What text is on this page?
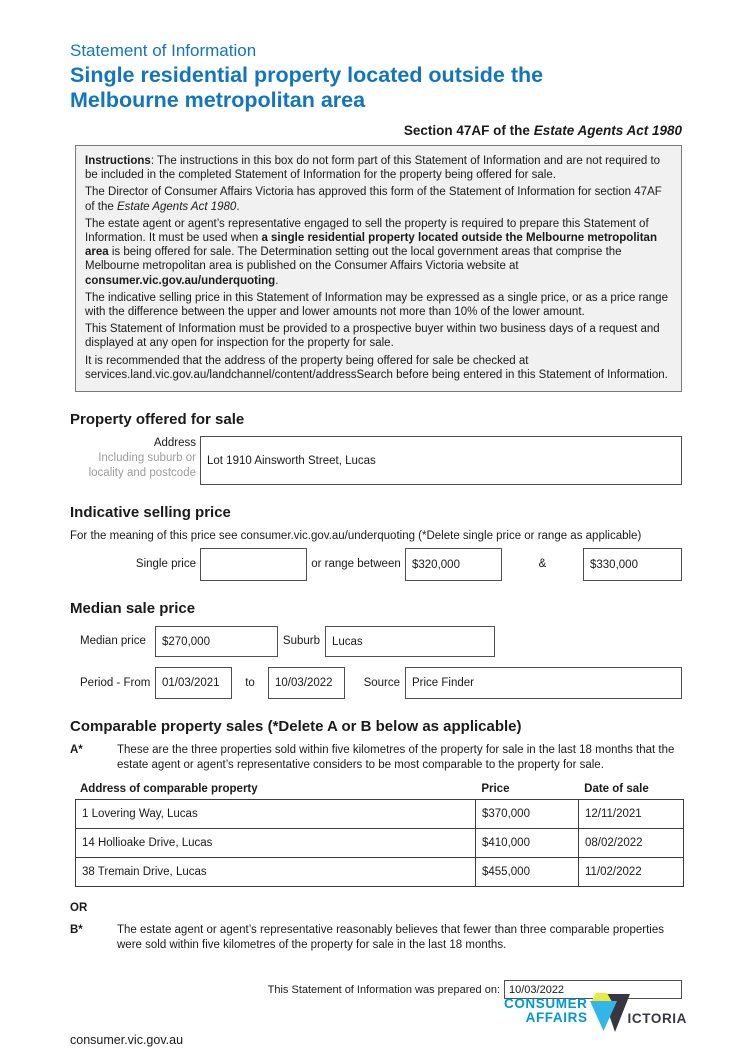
Statement of Information
Single residential property located outside the
Melbourne metropolitan area
Section 47AF of the Estate Agents Act 1980

Instructions: The instructions in this box do not form part of this Statement of Information and are not required to be included in the completed Statement of Information for the property being offered for sale.

The Director of Consumer Affairs Victoria has approved this form of the Statement of Information for section 47AF of the Estate Agents Act 1980.

The estate agent or agent’s representative engaged to sell the property is required to prepare this Statement of Information. It must be used when a single residential property located outside the Melbourne metropolitan area is being offered for sale. The Determination setting out the local government areas that comprise the Melbourne metropolitan area is published on the Consumer Affairs Victoria website at consumer.vic.gov.au/underquoting.

The indicative selling price in this Statement of Information may be expressed as a single price, or as a price range with the difference between the upper and lower amounts not more than 10% of the lower amount.

This Statement of Information must be provided to a prospective buyer within two business days of a request and displayed at any open for inspection for the property for sale.

It is recommended that the address of the property being offered for sale be checked at services.land.vic.gov.au/landchannel/content/addressSearch before being entered in this Statement of Information.

Property offered for sale
Address
Including suburb or
locality and postcode
Lot 1910 Ainsworth Street, Lucas
Indicative selling price
For the meaning of this price see consumer.vic.gov.au/underquoting (*Delete single price or range as applicable)
Single price	or range between $320,000	&	$330,000
Median sale price
Median price	$270,000	Suburb	Lucas
Period - From	01/03/2021	to	10/03/2022	Source	Price Finder
Comparable property sales (*Delete A or B below as applicable)
A*	These are the three properties sold within five kilometres of the property for sale in the last 18 months that the estate agent or agent’s representative considers to be most comparable to the property for sale.
Address of comparable property	Price	Date of sale
1 Lovering Way, Lucas	$370,000	12/11/2021
14 Hollioake Drive, Lucas	$410,000	08/02/2022
38 Tremain Drive, Lucas	$455,000	11/02/2022
OR
B*	The estate agent or agent’s representative reasonably believes that fewer than three comparable properties were sold within five kilometres of the property for sale in the last 18 months.
This Statement of Information was prepared on: 10/03/2022
CONSUMER
AFFAIRS	ICTORIA
consumer.vic.gov.au
